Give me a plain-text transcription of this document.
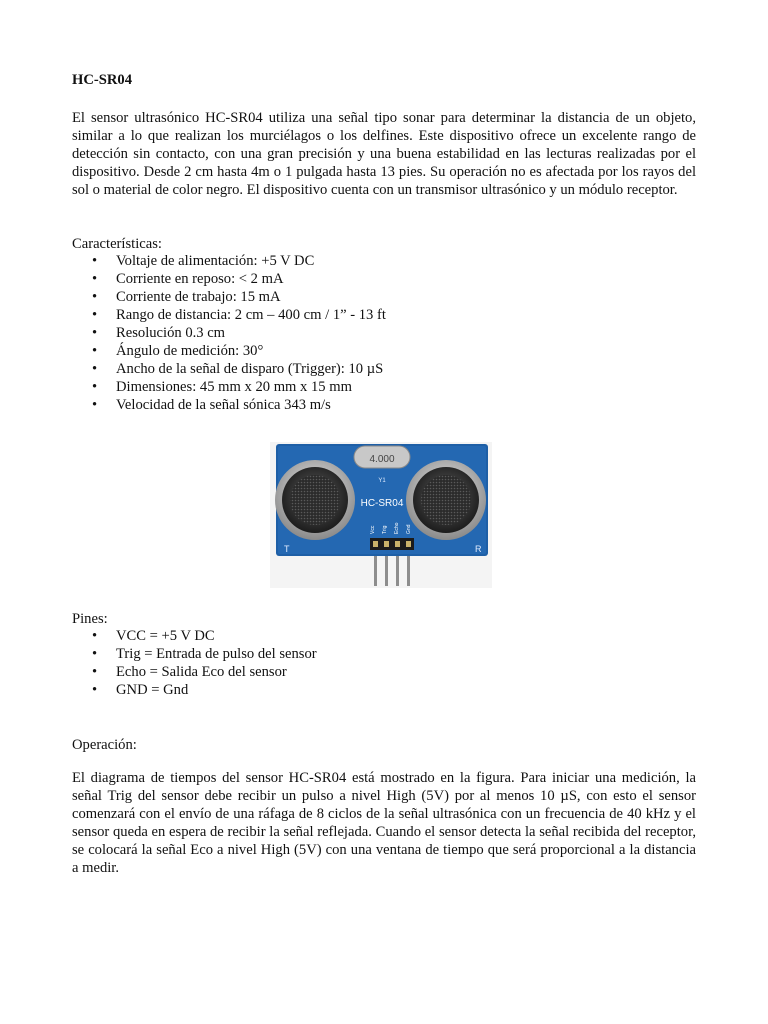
HC-SR04

El sensor ultrasónico HC-SR04 utiliza una señal tipo sonar para determinar la distancia de un objeto, similar a lo que realizan los murciélagos o los delfines. Este dispositivo ofrece un excelente rango de detección sin contacto, con una gran precisión y una buena estabilidad en las lecturas realizadas por el dispositivo. Desde 2 cm hasta 4m o 1 pulgada hasta 13 pies. Su operación no es afectada por los rayos del sol o material de color negro. El dispositivo cuenta con un transmisor ultrasónico y un módulo receptor.

Características:

• Voltaje de alimentación: +5 V DC
• Corriente en reposo: < 2 mA
• Corriente de trabajo: 15 mA
• Rango de distancia: 2 cm – 400 cm / 1” - 13 ft
• Resolución 0.3 cm
• Ángulo de medición: 30°
• Ancho de la señal de disparo (Trigger): 10 µS
• Dimensiones: 45 mm x 20 mm x 15 mm
• Velocidad de la señal sónica 343 m/s
4.000
Y1
HC-SR04
T	R
Vcc Trig Echo Gnd

Pines:

• VCC = +5 V DC
• Trig = Entrada de pulso del sensor
• Echo = Salida Eco del sensor
• GND = Gnd

Operación:

El diagrama de tiempos del sensor HC-SR04 está mostrado en la figura. Para iniciar una medición, la señal Trig del sensor debe recibir un pulso a nivel High (5V) por al menos 10 µS, con esto el sensor comenzará con el envío de una ráfaga de 8 ciclos de la señal ultrasónica con un frecuencia de 40 kHz y el sensor queda en espera de recibir la señal reflejada. Cuando el sensor detecta la señal recibida del receptor, se colocará la señal Eco a nivel High (5V) con una ventana de tiempo que será proporcional a la distancia a medir.
